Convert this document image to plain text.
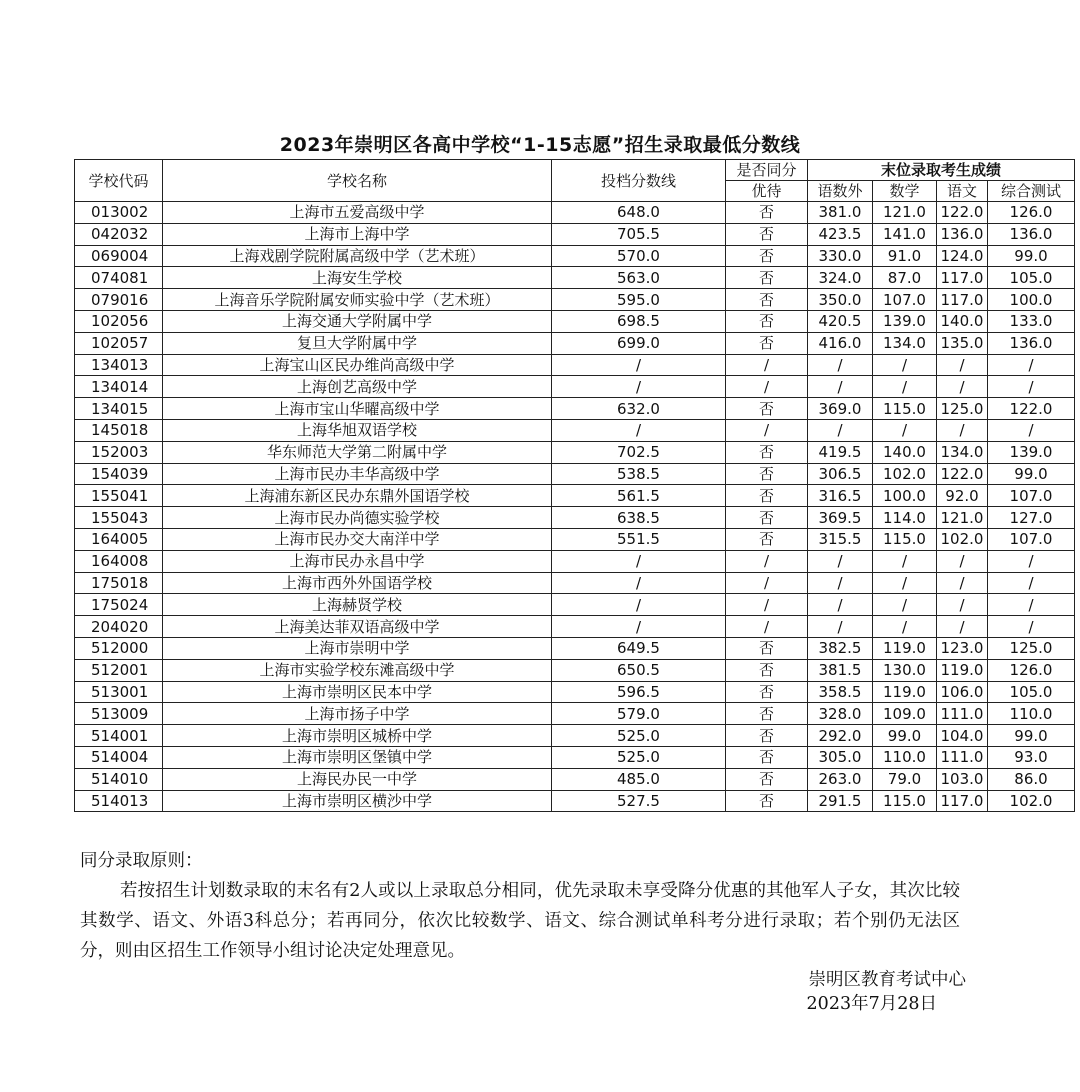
2023年崇明区各高中学校“1-15志愿”招生录取最低分数线
学校代码	学校名称	投档分数线	是否同分	末位录取考生成绩			
			优待	语数外	数学	语文	综合测试
013002	上海市五爱高级中学	648.0	否	381.0	121.0	122.0	126.0
042032	上海市上海中学	705.5	否	423.5	141.0	136.0	136.0
069004	上海戏剧学院附属高级中学（艺术班）	570.0	否	330.0	91.0	124.0	99.0
074081	上海安生学校	563.0	否	324.0	87.0	117.0	105.0
079016	上海音乐学院附属安师实验中学（艺术班）	595.0	否	350.0	107.0	117.0	100.0
102056	上海交通大学附属中学	698.5	否	420.5	139.0	140.0	133.0
102057	复旦大学附属中学	699.0	否	416.0	134.0	135.0	136.0
134013	上海宝山区民办维尚高级中学	/	/	/	/	/	/
134014	上海创艺高级中学	/	/	/	/	/	/
134015	上海市宝山华曜高级中学	632.0	否	369.0	115.0	125.0	122.0
145018	上海华旭双语学校	/	/	/	/	/	/
152003	华东师范大学第二附属中学	702.5	否	419.5	140.0	134.0	139.0
154039	上海市民办丰华高级中学	538.5	否	306.5	102.0	122.0	99.0
155041	上海浦东新区民办东鼎外国语学校	561.5	否	316.5	100.0	92.0	107.0
155043	上海市民办尚德实验学校	638.5	否	369.5	114.0	121.0	127.0
164005	上海市民办交大南洋中学	551.5	否	315.5	115.0	102.0	107.0
164008	上海市民办永昌中学	/	/	/	/	/	/
175018	上海市西外外国语学校	/	/	/	/	/	/
175024	上海赫贤学校	/	/	/	/	/	/
204020	上海美达菲双语高级中学	/	/	/	/	/	/
512000	上海市崇明中学	649.5	否	382.5	119.0	123.0	125.0
512001	上海市实验学校东滩高级中学	650.5	否	381.5	130.0	119.0	126.0
513001	上海市崇明区民本中学	596.5	否	358.5	119.0	106.0	105.0
513009	上海市扬子中学	579.0	否	328.0	109.0	111.0	110.0
514001	上海市崇明区城桥中学	525.0	否	292.0	99.0	104.0	99.0
514004	上海市崇明区堡镇中学	525.0	否	305.0	110.0	111.0	93.0
514010	上海民办民一中学	485.0	否	263.0	79.0	103.0	86.0
514013	上海市崇明区横沙中学	527.5	否	291.5	115.0	117.0	102.0

同分录取原则：

若按招生计划数录取的末名有2人或以上录取总分相同，优先录取未享受降分优惠的其他军人子女，其次比较其数学、语文、外语3科总分；若再同分，依次比较数学、语文、综合测试单科考分进行录取；若个别仍无法区分，则由区招生工作领导小组讨论决定处理意见。

崇明区教育考试中心
2023年7月28日
